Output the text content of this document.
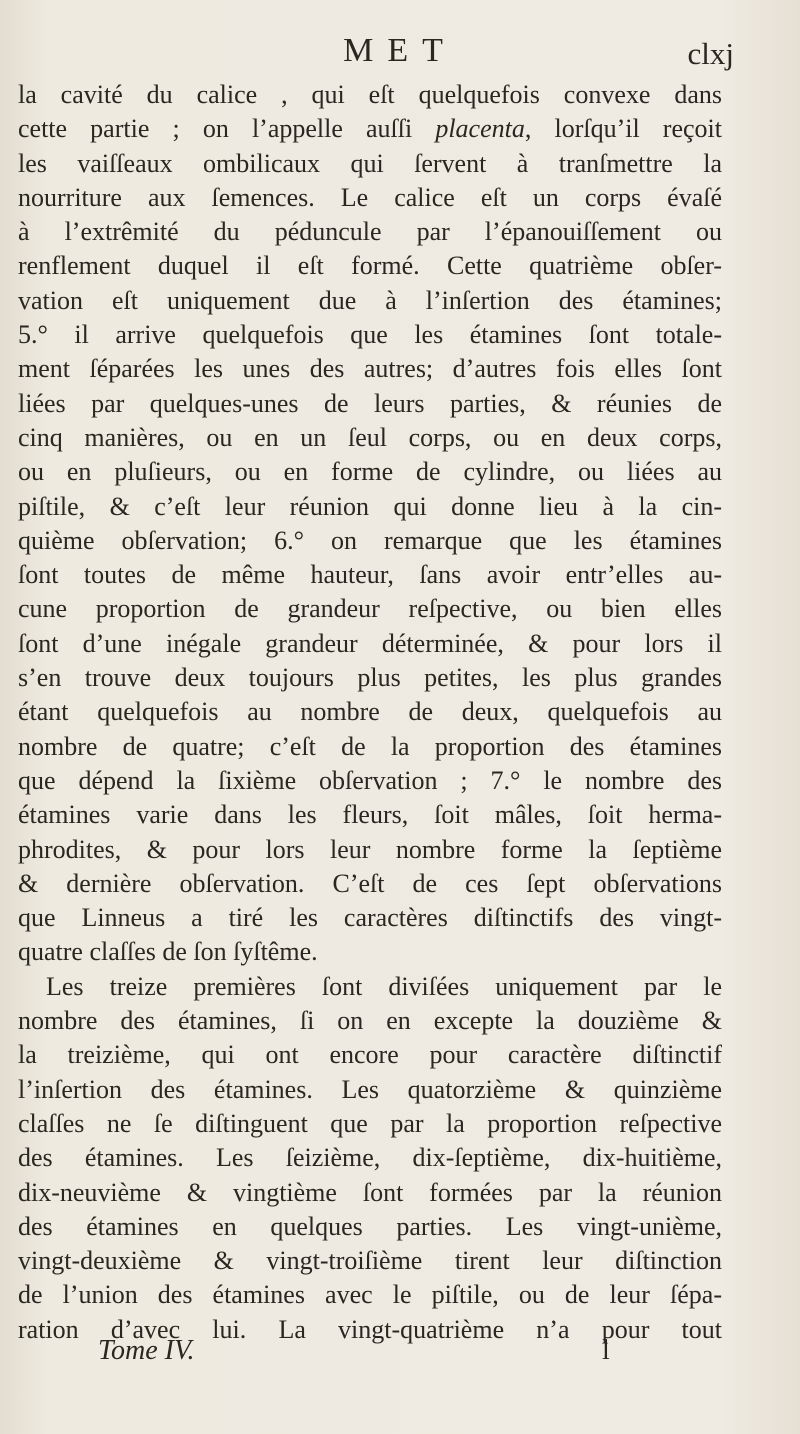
MET	clxj
la cavité du calice , qui eſt quelquefois convexe dans
cette partie ; on l’appelle auſſi placenta, lorſqu’il reçoit
les vaiſſeaux ombilicaux qui ſervent à tranſmettre la
nourriture aux ſemences. Le calice eſt un corps évaſé
à l’extrêmité du péduncule par l’épanouiſſement ou
renflement duquel il eſt formé. Cette quatrième obſer-
vation eſt uniquement due à l’inſertion des étamines;
5.° il arrive quelquefois que les étamines ſont totale-
ment ſéparées les unes des autres; d’autres fois elles ſont
liées par quelques-unes de leurs parties, & réunies de
cinq manières, ou en un ſeul corps, ou en deux corps,
ou en pluſieurs, ou en forme de cylindre, ou liées au
piſtile, & c’eſt leur réunion qui donne lieu à la cin-
quième obſervation; 6.° on remarque que les étamines
ſont toutes de même hauteur, ſans avoir entr’elles au-
cune proportion de grandeur reſpective, ou bien elles
ſont d’une inégale grandeur déterminée, & pour lors il
s’en trouve deux toujours plus petites, les plus grandes
étant quelquefois au nombre de deux, quelquefois au
nombre de quatre; c’eſt de la proportion des étamines
que dépend la ſixième obſervation ; 7.° le nombre des
étamines varie dans les fleurs, ſoit mâles, ſoit herma-
phrodites, & pour lors leur nombre forme la ſeptième
& dernière obſervation. C’eſt de ces ſept obſervations
que Linneus a tiré les caractères diſtinctifs des vingt-
quatre claſſes de ſon ſyſtême.
Les treize premières ſont diviſées uniquement par le
nombre des étamines, ſi on en excepte la douzième &
la treizième, qui ont encore pour caractère diſtinctif
l’inſertion des étamines. Les quatorzième & quinzième
claſſes ne ſe diſtinguent que par la proportion reſpective
des étamines. Les ſeizième, dix-ſeptième, dix-huitième,
dix-neuvième & vingtième ſont formées par la réunion
des étamines en quelques parties. Les vingt-unième,
vingt-deuxième & vingt-troiſième tirent leur diſtinction
de l’union des étamines avec le piſtile, ou de leur ſépa-
ration d’avec lui. La vingt-quatrième n’a pour tout
Tome IV.	l
